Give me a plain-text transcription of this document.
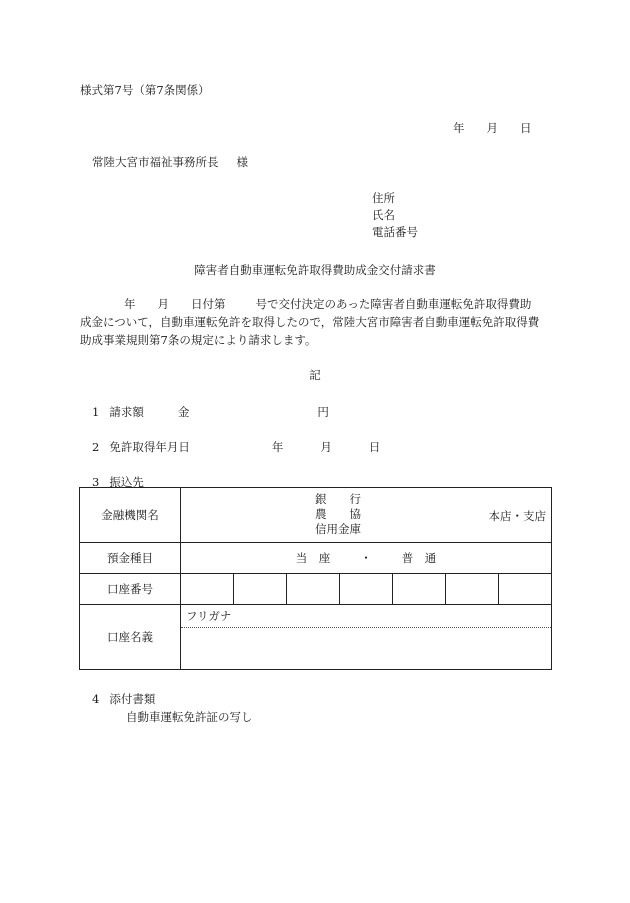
様式第7号（第7条関係）
年 月 日
常陸大宮市福祉事務所長 様
住所
氏名
電話番号
障害者自動車運転免許取得費助成金交付請求書
年 月 日付第	号で交付決定のあった障害者自動車運転免許取得費助
成金について，自動車運転免許を取得したので，常陸大宮市障害者自動車運転免許取得費
助成事業規則第7条の規定により請求します。
記
1 請求額	金	円
2 免許取得年月日	年	月	日
3 振込先
金融機関名	銀　　行
農　　協
信用金庫
本店・支店

預金種目	当　座 ・ 普　通
口座番号	

口座名義	フリガナ
4 添付書類
自動車運転免許証の写し
